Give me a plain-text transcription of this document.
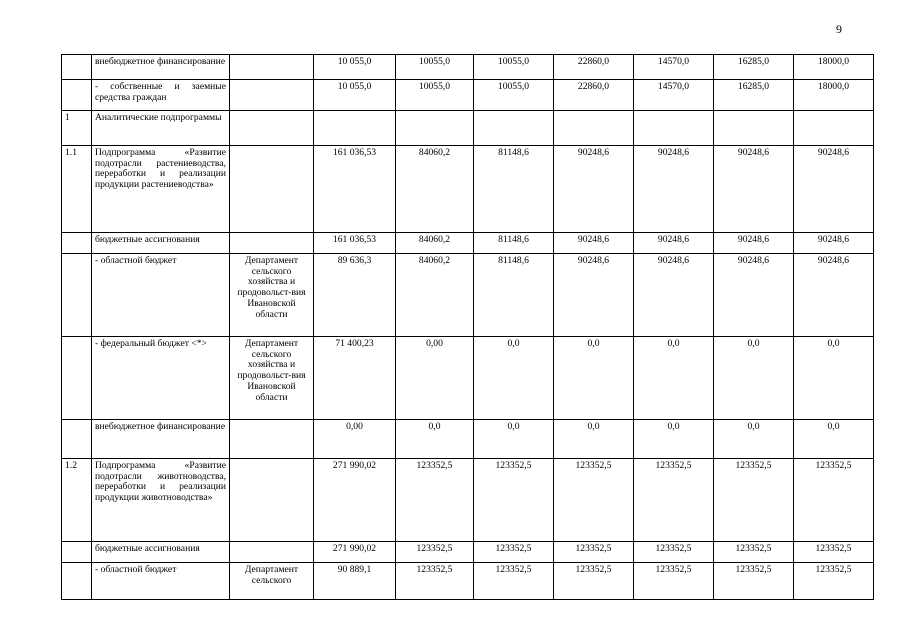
9
	внебюджетное финансирование		10 055,0	10055,0	10055,0	22860,0	14570,0	16285,0	18000,0
	- собственные и заемные средства граждан		10 055,0	10055,0	10055,0	22860,0	14570,0	16285,0	18000,0
1	Аналитические подпрограммы								
1.1	Подпрограмма «Развитие подотрасли растениеводства, переработки и реализации продукции растениеводства»		161 036,53	84060,2	81148,6	90248,6	90248,6	90248,6	90248,6
	бюджетные ассигнования		161 036,53	84060,2	81148,6	90248,6	90248,6	90248,6	90248,6
	- областной бюджет	Департамент сельского хозяйства и продовольст-вия Ивановской области	89 636,3	84060,2	81148,6	90248,6	90248,6	90248,6	90248,6
	- федеральный бюджет <*>	Департамент сельского хозяйства и продовольст-вия Ивановской области	71 400,23	0,00	0,0	0,0	0,0	0,0	0,0
	внебюджетное финансирование		0,00	0,0	0,0	0,0	0,0	0,0	0,0
1.2	Подпрограмма «Развитие подотрасли животноводства, переработки и реализации продукции животноводства»		271 990,02	123352,5	123352,5	123352,5	123352,5	123352,5	123352,5
	бюджетные ассигнования		271 990,02	123352,5	123352,5	123352,5	123352,5	123352,5	123352,5
	- областной бюджет	Департамент сельского	90 889,1	123352,5	123352,5	123352,5	123352,5	123352,5	123352,5
